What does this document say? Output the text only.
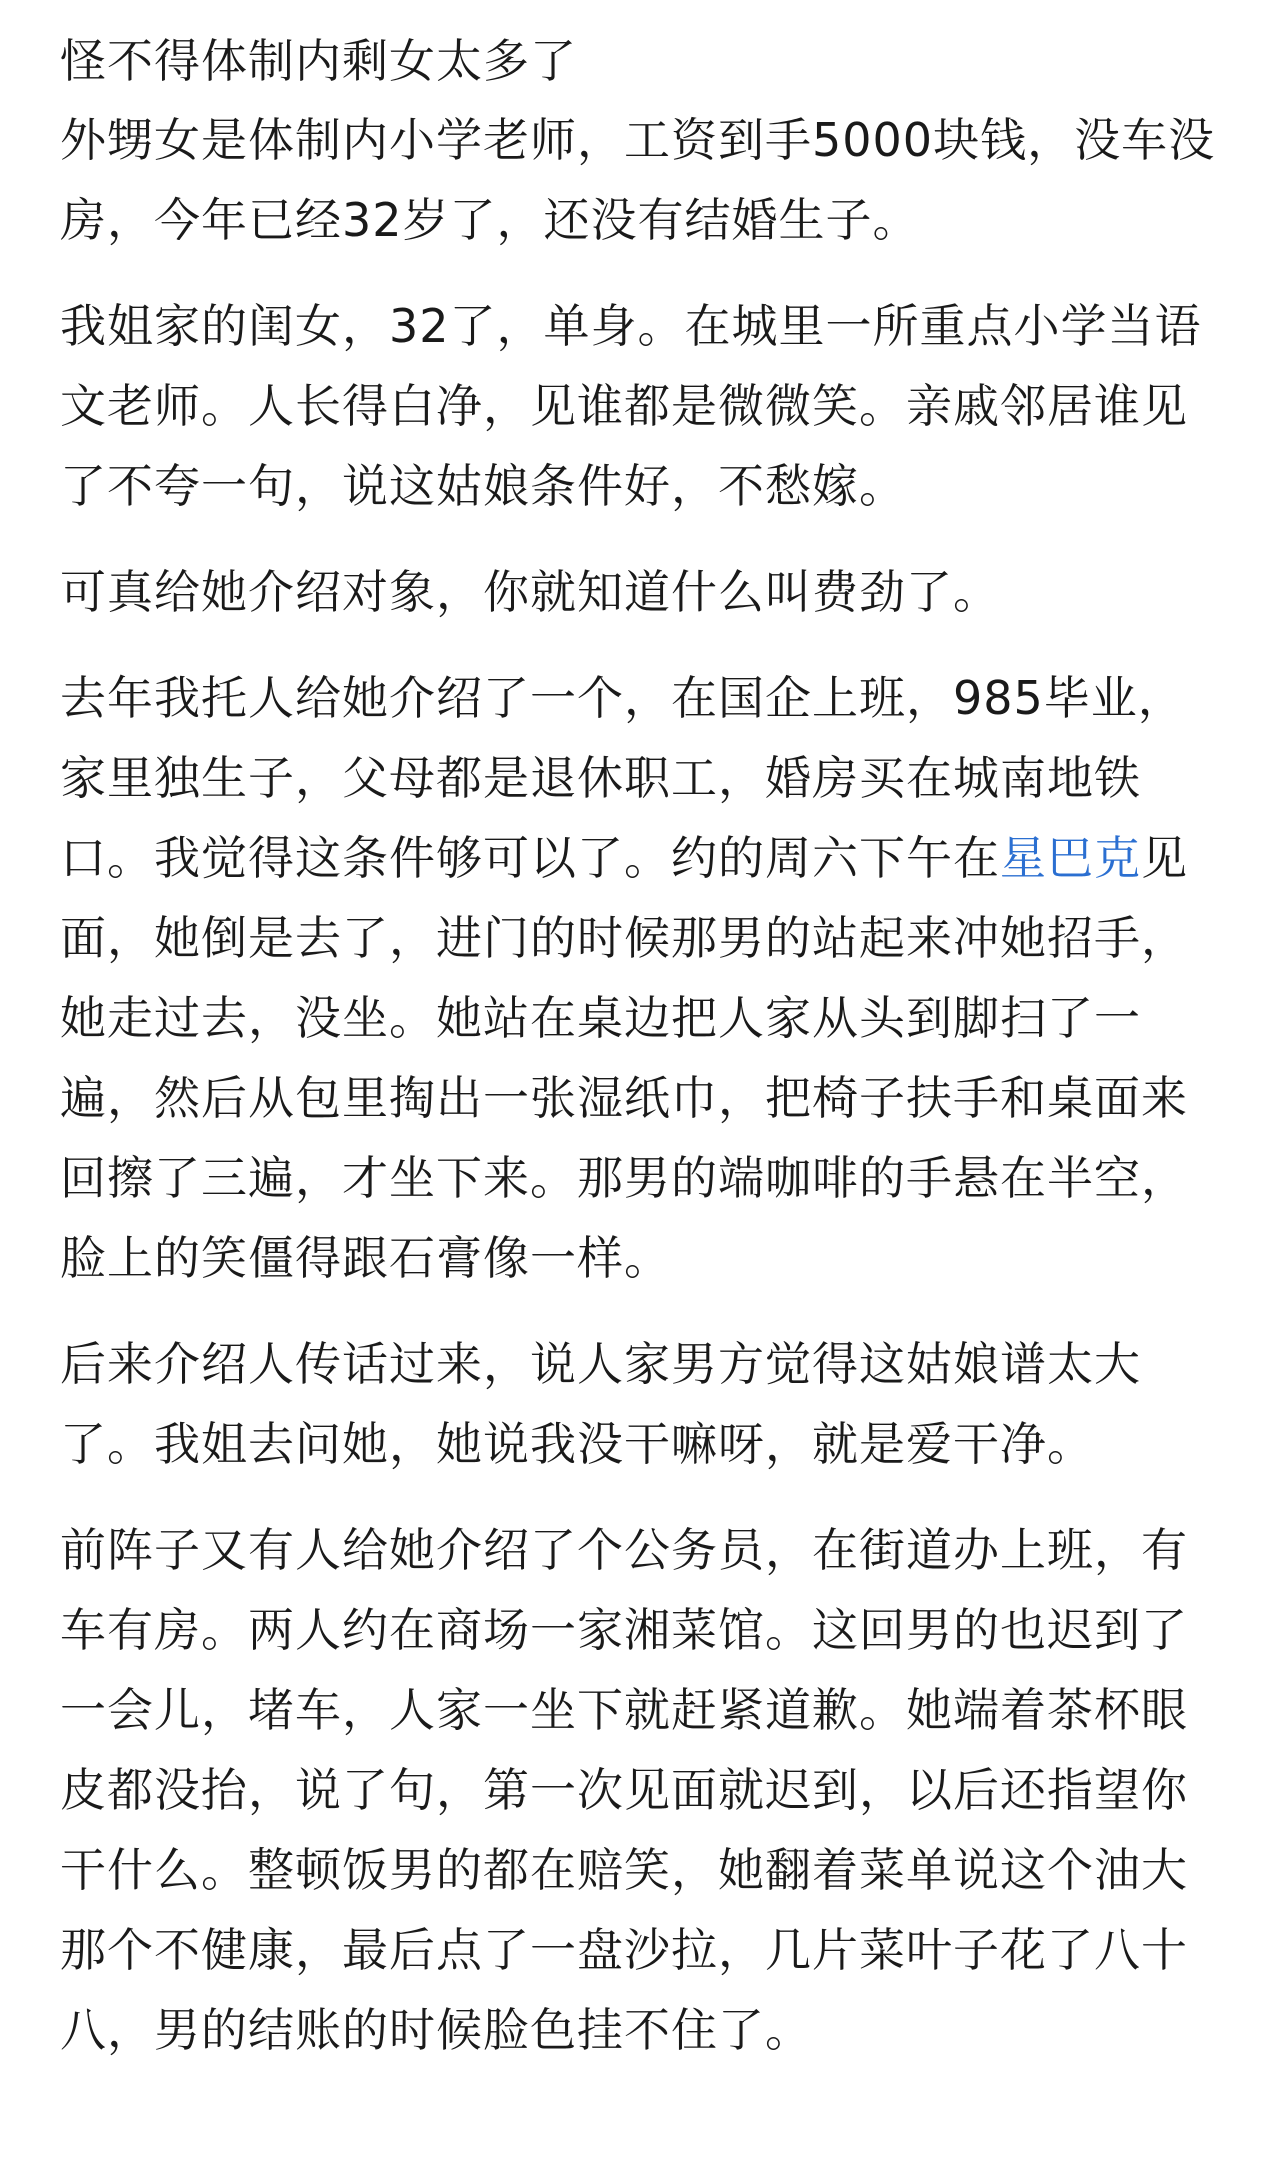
怪不得体制内剩女太多了

外甥女是体制内小学老师，工资到手5000块钱，没车没房，今年已经32岁了，还没有结婚生子。

我姐家的闺女，32了，单身。在城里一所重点小学当语文老师。人长得白净，见谁都是微微笑。亲戚邻居谁见了不夸一句，说这姑娘条件好，不愁嫁。

可真给她介绍对象，你就知道什么叫费劲了。

去年我托人给她介绍了一个，在国企上班，985毕业，家里独生子，父母都是退休职工，婚房买在城南地铁口。我觉得这条件够可以了。约的周六下午在星巴克见面，她倒是去了，进门的时候那男的站起来冲她招手，她走过去，没坐。她站在桌边把人家从头到脚扫了一遍，然后从包里掏出一张湿纸巾，把椅子扶手和桌面来回擦了三遍，才坐下来。那男的端咖啡的手悬在半空，脸上的笑僵得跟石膏像一样。

后来介绍人传话过来，说人家男方觉得这姑娘谱太大了。我姐去问她，她说我没干嘛呀，就是爱干净。

前阵子又有人给她介绍了个公务员，在街道办上班，有车有房。两人约在商场一家湘菜馆。这回男的也迟到了一会儿，堵车，人家一坐下就赶紧道歉。她端着茶杯眼皮都没抬，说了句，第一次见面就迟到，以后还指望你干什么。整顿饭男的都在赔笑，她翻着菜单说这个油大那个不健康，最后点了一盘沙拉，几片菜叶子花了八十八，男的结账的时候脸色挂不住了。
